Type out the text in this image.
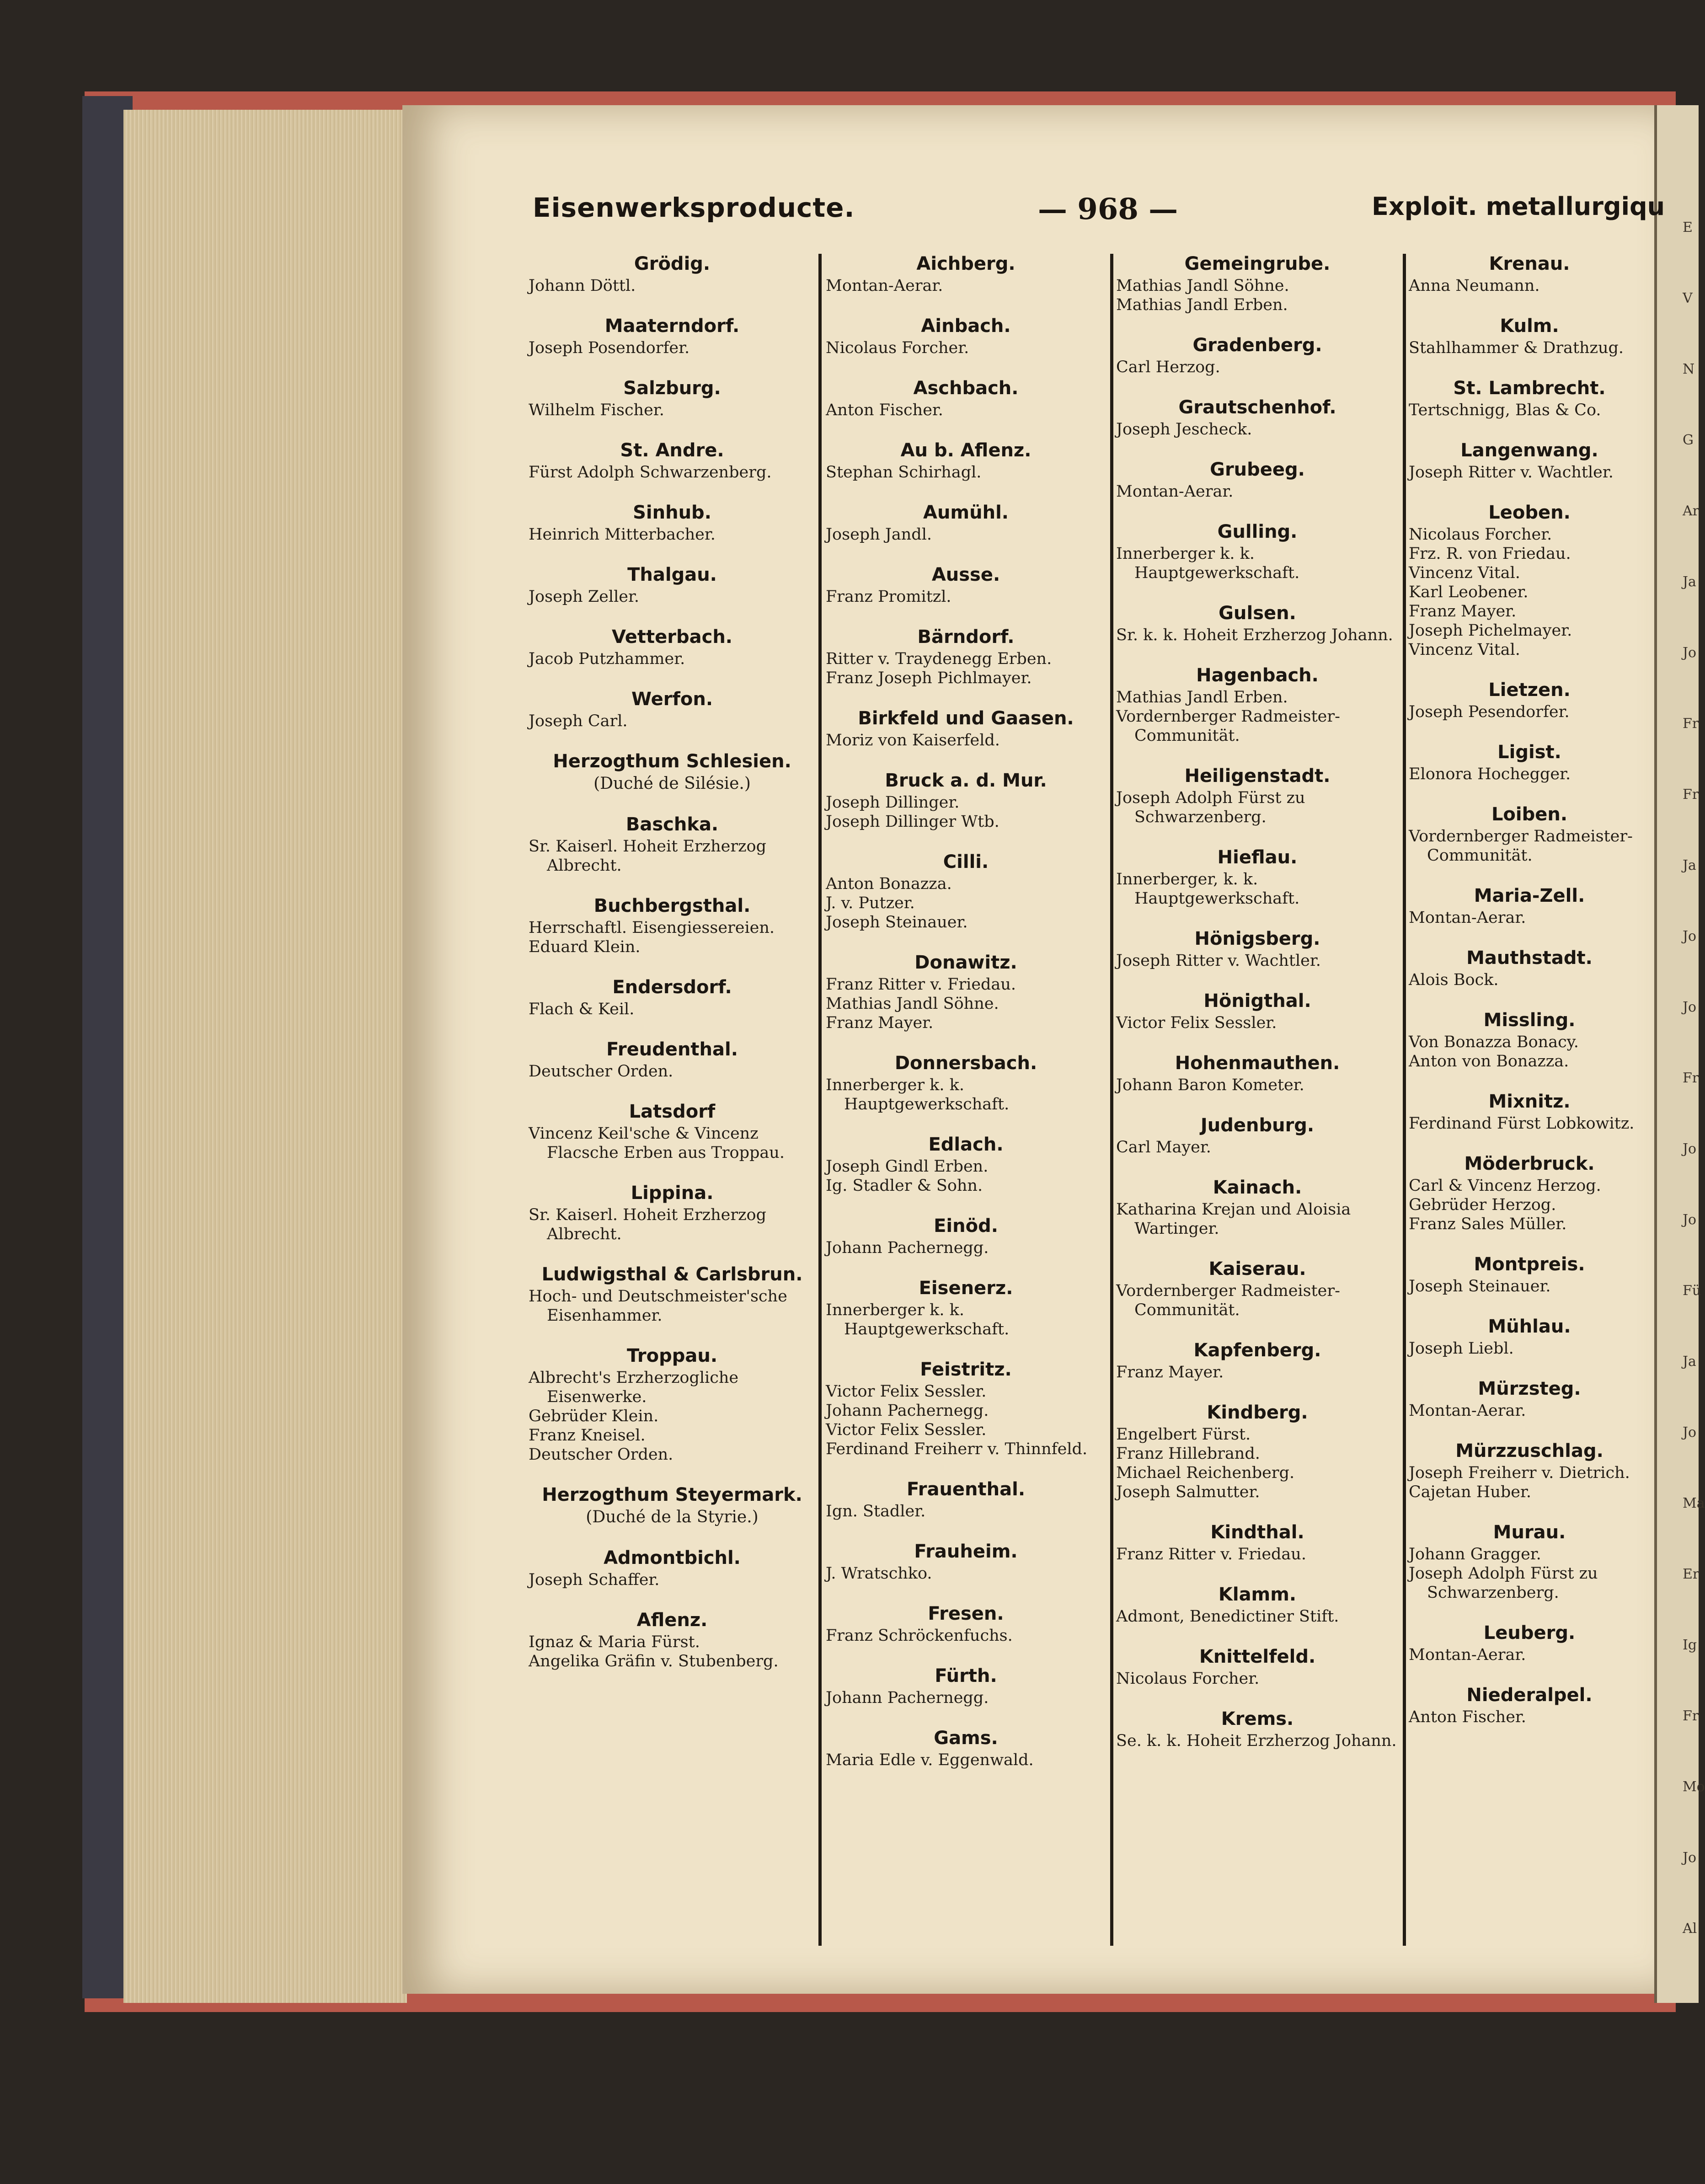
Eisenwerksproducte.	— 968 —	Exploit. metallurgiqu
Grödig.
Johann Döttl.
Maaterndorf.
Joseph Posendorfer.
Salzburg.
Wilhelm Fischer.
St. Andre.
Fürst Adolph Schwarzenberg.
Sinhub.
Heinrich Mitterbacher.
Thalgau.
Joseph Zeller.
Vetterbach.
Jacob Putzhammer.
Werfon.
Joseph Carl.
Herzogthum Schlesien.
(Duché de Silésie.)
Baschka.
Sr. Kaiserl. Hoheit Erzherzog Albrecht.
Buchbergsthal.
Herrschaftl. Eisengiessereien.
Eduard Klein.
Endersdorf.
Flach & Keil.
Freudenthal.
Deutscher Orden.
Latsdorf
Vincenz Keil'sche & Vincenz Flacsche Erben aus Troppau.
Lippina.
Sr. Kaiserl. Hoheit Erzherzog Albrecht.
Ludwigsthal & Carlsbrun.
Hoch- und Deutschmeister'sche Eisenhammer.
Troppau.
Albrecht's Erzherzogliche Eisenwerke.
Gebrüder Klein.
Franz Kneisel.
Deutscher Orden.
Herzogthum Steyermark.
(Duché de la Styrie.)
Admontbichl.
Joseph Schaffer.
Aflenz.
Ignaz & Maria Fürst.
Angelika Gräfin v. Stubenberg.
Aichberg.
Montan-Aerar.
Ainbach.
Nicolaus Forcher.
Aschbach.
Anton Fischer.
Au b. Aflenz.
Stephan Schirhagl.
Aumühl.
Joseph Jandl.
Ausse.
Franz Promitzl.
Bärndorf.
Ritter v. Traydenegg Erben.
Franz Joseph Pichlmayer.
Birkfeld und Gaasen.
Moriz von Kaiserfeld.
Bruck a. d. Mur.
Joseph Dillinger.
Joseph Dillinger Wtb.
Cilli.
Anton Bonazza.
J. v. Putzer.
Joseph Steinauer.
Donawitz.
Franz Ritter v. Friedau.
Mathias Jandl Söhne.
Franz Mayer.
Donnersbach.
Innerberger k. k. Hauptgewerkschaft.
Edlach.
Joseph Gindl Erben.
Ig. Stadler & Sohn.
Einöd.
Johann Pachernegg.
Eisenerz.
Innerberger k. k. Hauptgewerkschaft.
Feistritz.
Victor Felix Sessler.
Johann Pachernegg.
Victor Felix Sessler.
Ferdinand Freiherr v. Thinnfeld.
Frauenthal.
Ign. Stadler.
Frauheim.
J. Wratschko.
Fresen.
Franz Schröckenfuchs.
Fürth.
Johann Pachernegg.
Gams.
Maria Edle v. Eggenwald.
Gemeingrube.
Mathias Jandl Söhne.
Mathias Jandl Erben.
Gradenberg.
Carl Herzog.
Grautschenhof.
Joseph Jescheck.
Grubeeg.
Montan-Aerar.
Gulling.
Innerberger k. k. Hauptgewerkschaft.
Gulsen.
Sr. k. k. Hoheit Erzherzog Johann.
Hagenbach.
Mathias Jandl Erben.
Vordernberger Radmeister-Communität.
Heiligenstadt.
Joseph Adolph Fürst zu Schwarzenberg.
Hieflau.
Innerberger, k. k. Hauptgewerkschaft.
Hönigsberg.
Joseph Ritter v. Wachtler.
Hönigthal.
Victor Felix Sessler.
Hohenmauthen.
Johann Baron Kometer.
Judenburg.
Carl Mayer.
Kainach.
Katharina Krejan und Aloisia Wartinger.
Kaiserau.
Vordernberger Radmeister-Communität.
Kapfenberg.
Franz Mayer.
Kindberg.
Engelbert Fürst.
Franz Hillebrand.
Michael Reichenberg.
Joseph Salmutter.
Kindthal.
Franz Ritter v. Friedau.
Klamm.
Admont, Benedictiner Stift.
Knittelfeld.
Nicolaus Forcher.
Krems.
Se. k. k. Hoheit Erzherzog Johann.
Krenau.
Anna Neumann.
Kulm.
Stahlhammer & Drathzug.
St. Lambrecht.
Tertschnigg, Blas & Co.
Langenwang.
Joseph Ritter v. Wachtler.
Leoben.
Nicolaus Forcher.
Frz. R. von Friedau.
Vincenz Vital.
Karl Leobener.
Franz Mayer.
Joseph Pichelmayer.
Vincenz Vital.
Lietzen.
Joseph Pesendorfer.
Ligist.
Elonora Hochegger.
Loiben.
Vordernberger Radmeister-Communität.
Maria-Zell.
Montan-Aerar.
Mauthstadt.
Alois Bock.
Missling.
Von Bonazza Bonacy.
Anton von Bonazza.
Mixnitz.
Ferdinand Fürst Lobkowitz.
Möderbruck.
Carl & Vincenz Herzog.
Gebrüder Herzog.
Franz Sales Müller.
Montpreis.
Joseph Steinauer.
Mühlau.
Joseph Liebl.
Mürzsteg.
Montan-Aerar.
Mürzzuschlag.
Joseph Freiherr v. Dietrich.
Cajetan Huber.
Murau.
Johann Gragger.
Joseph Adolph Fürst zu Schwarzenberg.
Leuberg.
Montan-Aerar.
Niederalpel.
Anton Fischer.
E
V
N
G
Ar
Ja
Jo
Fr
Fr
Ja
Jo
Jo
Fr
Jo
Jo
Fü
Ja
Jo
Ma
Er
Ig
Fr
Mo
Jo
Al
